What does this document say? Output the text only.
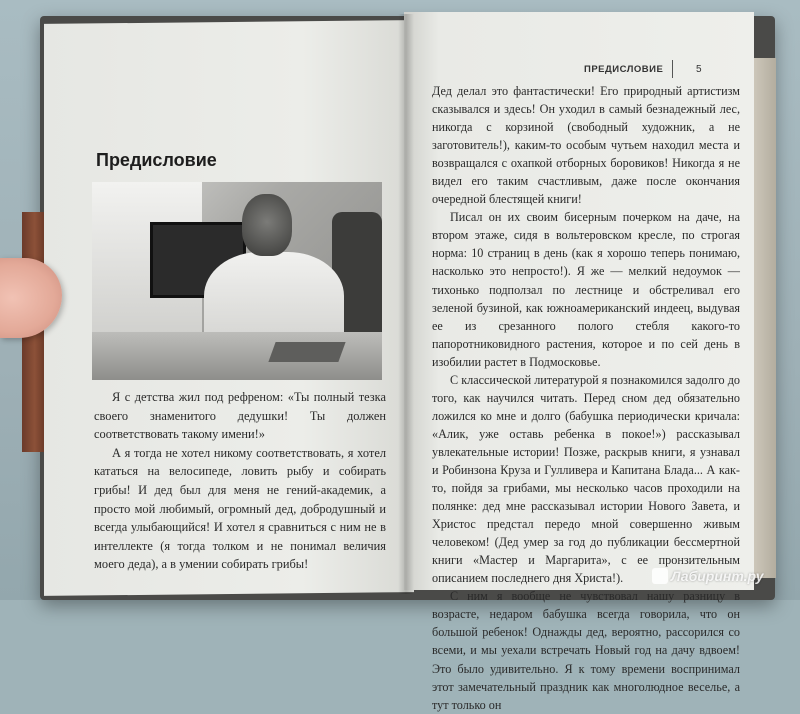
Предисловие

Я с детства жил под рефреном: «Ты полный тезка своего знаменитого дедушки! Ты должен соответствовать такому имени!»

А я тогда не хотел никому соответствовать, я хотел кататься на велосипеде, ловить рыбу и собирать грибы! И дед был для меня не гений-академик, а просто мой любимый, огромный дед, добродушный и всегда улыбающийся! И хотел я сравниться с ним не в интеллекте (я тогда толком и не понимал величия моего деда), а в умении собирать грибы!

ПРЕДИСЛОВИЕ	5

Дед делал это фантастически! Его природный артистизм сказывался и здесь! Он уходил в самый безнадежный лес, никогда с корзиной (свободный художник, а не заготовитель!), каким-то особым чутьем находил места и возвращался с охапкой отборных боровиков! Никогда я не видел его таким счастливым, даже после окончания очередной блестящей книги!

Писал он их своим бисерным почерком на даче, на втором этаже, сидя в вольтеровском кресле, по строгая норма: 10 страниц в день (как я хорошо теперь понимаю, насколько это непросто!). Я же — мелкий недоумок — тихонько подползал по лестнице и обстреливал его зеленой бузиной, как южноамериканский индеец, выдувая ее из срезанного полого стебля какого-то папоротниковидного растения, которое и по сей день в изобилии растет в Подмосковье.

С классической литературой я познакомился задолго до того, как научился читать. Перед сном дед обязательно ложился ко мне и долго (бабушка периодически кричала: «Алик, уже оставь ребенка в покое!») рассказывал увлекательные истории! Позже, раскрыв книги, я узнавал и Робинзона Круза и Гулливера и Капитана Блада... А как-то, пойдя за грибами, мы несколько часов проходили на полянке: дед мне рассказывал истории Нового Завета, и Христос предстал передо мной совершенно живым человеком! (Дед умер за год до публикации бессмертной книги «Мастер и Маргарита», с ее пронзительным описанием последнего дня Христа!).

С ним я вообще не чувствовал нашу разницу в возрасте, недаром бабушка всегда говорила, что он большой ребенок! Однажды дед, вероятно, рассорился со всеми, и мы уехали встречать Новый год на дачу вдвоем! Это было удивительно. Я к тому времени воспринимал этот замечательный праздник как многолюдное веселье, а тут только он

Лабиринт.ру
